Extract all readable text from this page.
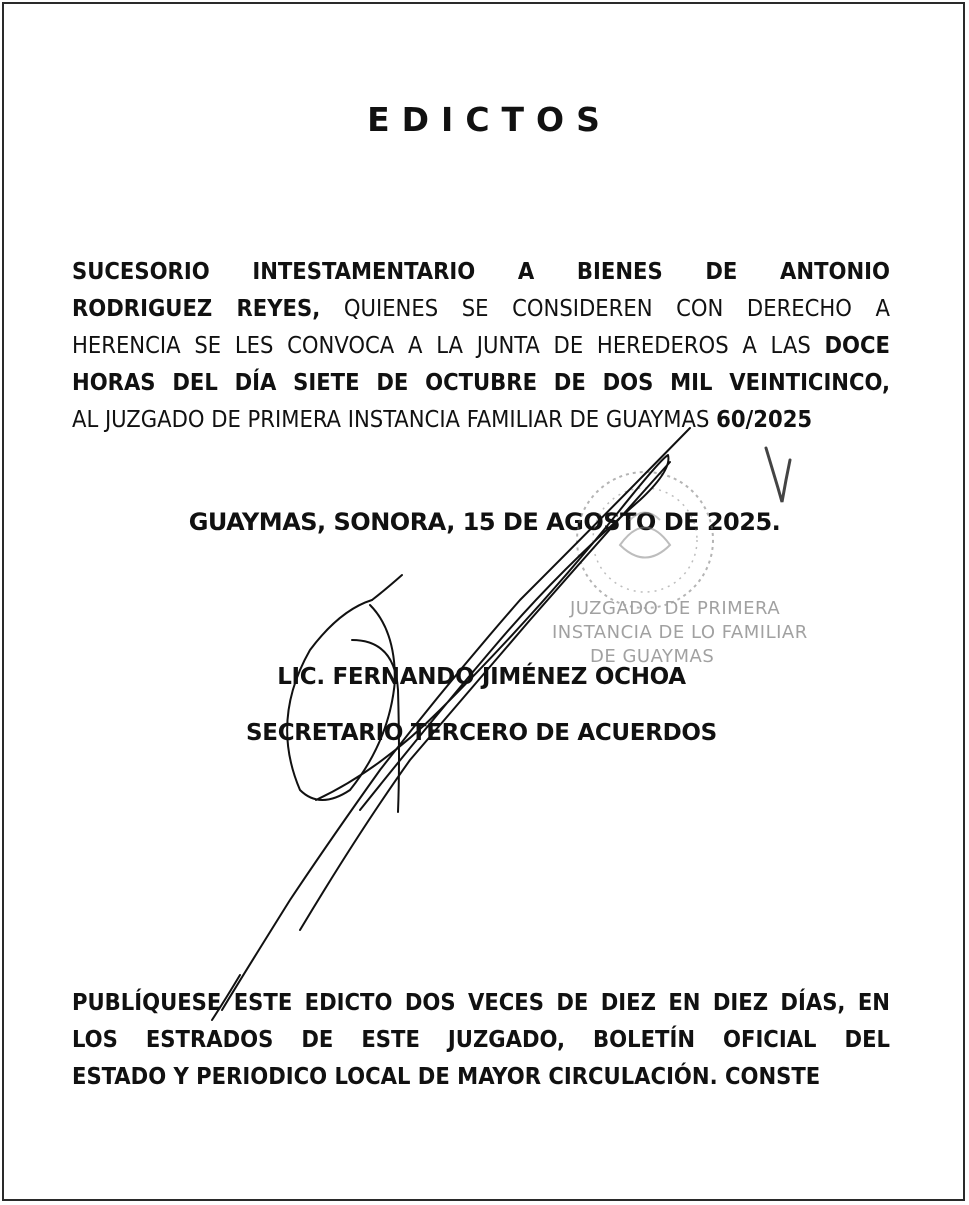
EDICTOS
SUCESORIO INTESTAMENTARIO A BIENES DE ANTONIO
RODRIGUEZ REYES, QUIENES SE CONSIDEREN CON DERECHO A
HERENCIA SE LES CONVOCA A LA JUNTA DE HEREDEROS A LAS DOCE
HORAS DEL DÍA SIETE DE OCTUBRE DE DOS MIL VEINTICINCO,
AL JUZGADO DE PRIMERA INSTANCIA FAMILIAR DE GUAYMAS 60/2025
GUAYMAS, SONORA, 15 DE AGOSTO DE 2025.
JUZGADO DE PRIMERA
INSTANCIA DE LO FAMILIAR
DE GUAYMAS
LIC. FERNANDO JIMÉNEZ OCHOA
SECRETARIO TERCERO DE ACUERDOS
PUBLÍQUESE ESTE EDICTO DOS VECES DE DIEZ EN DIEZ DÍAS, EN
LOS ESTRADOS DE ESTE JUZGADO, BOLETÍN OFICIAL DEL
ESTADO Y PERIODICO LOCAL DE MAYOR CIRCULACIÓN. CONSTE
